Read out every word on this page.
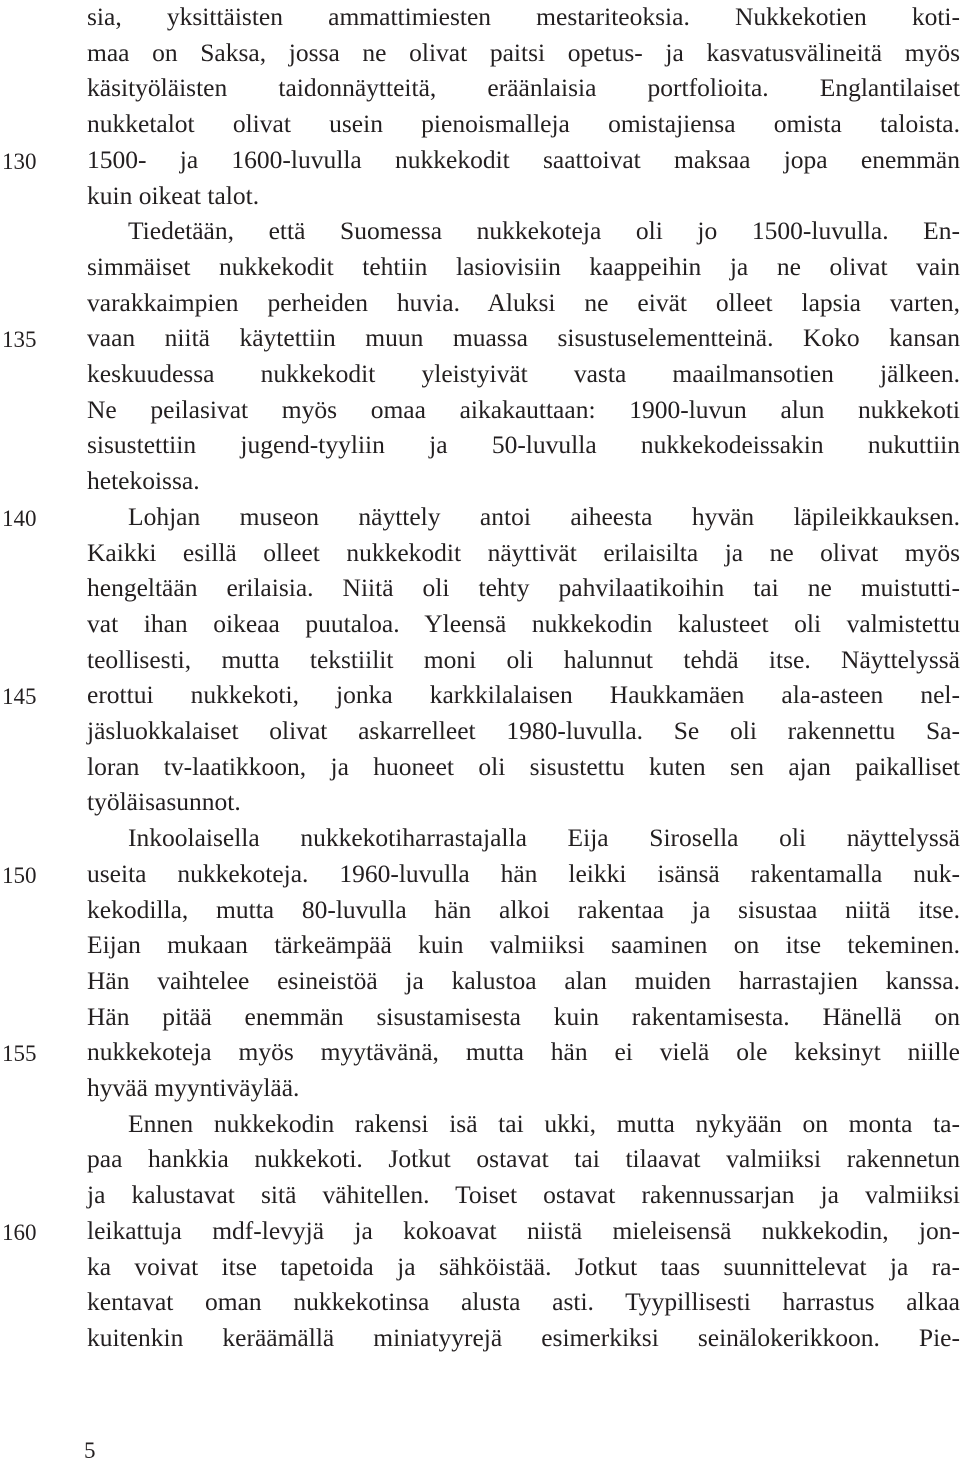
sia, yksittäisten ammattimiesten mestariteoksia. Nukkekotien koti-
maa on Saksa, jossa ne olivat paitsi opetus- ja kasvatusvälineitä myös
käsityöläisten taidonnäytteitä, eräänlaisia portfolioita. Englantilaiset
nukketalot olivat usein pienoismalleja omistajiensa omista taloista.
1500- ja 1600-luvulla nukkekodit saattoivat maksaa jopa enemmän
kuin oikeat talot.
Tiedetään, että Suomessa nukkekoteja oli jo 1500-luvulla. En-
simmäiset nukkekodit tehtiin lasiovisiin kaappeihin ja ne olivat vain
varakkaimpien perheiden huvia. Aluksi ne eivät olleet lapsia varten,
vaan niitä käytettiin muun muassa sisustuselementteinä. Koko kansan
keskuudessa nukkekodit yleistyivät vasta maailmansotien jälkeen.
Ne peilasivat myös omaa aikakauttaan: 1900-luvun alun nukkekoti
sisustettiin jugend-tyyliin ja 50-luvulla nukkekodeissakin nukuttiin
hetekoissa.
Lohjan museon näyttely antoi aiheesta hyvän läpileikkauksen.
Kaikki esillä olleet nukkekodit näyttivät erilaisilta ja ne olivat myös
hengeltään erilaisia. Niitä oli tehty pahvilaatikoihin tai ne muistutti-
vat ihan oikeaa puutaloa. Yleensä nukkekodin kalusteet oli valmistettu
teollisesti, mutta tekstiilit moni oli halunnut tehdä itse. Näyttelyssä
erottui nukkekoti, jonka karkkilalaisen Haukkamäen ala-asteen nel-
jäsluokkalaiset olivat askarrelleet 1980-luvulla. Se oli rakennettu Sa-
loran tv-laatikkoon, ja huoneet oli sisustettu kuten sen ajan paikalliset
työläisasunnot.
Inkoolaisella nukkekotiharrastajalla Eija Sirosella oli näyttelyssä
useita nukkekoteja. 1960-luvulla hän leikki isänsä rakentamalla nuk-
kekodilla, mutta 80-luvulla hän alkoi rakentaa ja sisustaa niitä itse.
Eijan mukaan tärkeämpää kuin valmiiksi saaminen on itse tekeminen.
Hän vaihtelee esineistöä ja kalustoa alan muiden harrastajien kanssa.
Hän pitää enemmän sisustamisesta kuin rakentamisesta. Hänellä on
nukkekoteja myös myytävänä, mutta hän ei vielä ole keksinyt niille
hyvää myyntiväylää.
Ennen nukkekodin rakensi isä tai ukki, mutta nykyään on monta ta-
paa hankkia nukkekoti. Jotkut ostavat tai tilaavat valmiiksi rakennetun
ja kalustavat sitä vähitellen. Toiset ostavat rakennussarjan ja valmiiksi
leikattuja mdf-levyjä ja kokoavat niistä mieleisensä nukkekodin, jon-
ka voivat itse tapetoida ja sähköistää. Jotkut taas suunnittelevat ja ra-
kentavat oman nukkekotinsa alusta asti. Tyypillisesti harrastus alkaa
kuitenkin keräämällä miniatyyrejä esimerkiksi seinälokerikkoon. Pie-
130
135
140
145
150
155
160
5
